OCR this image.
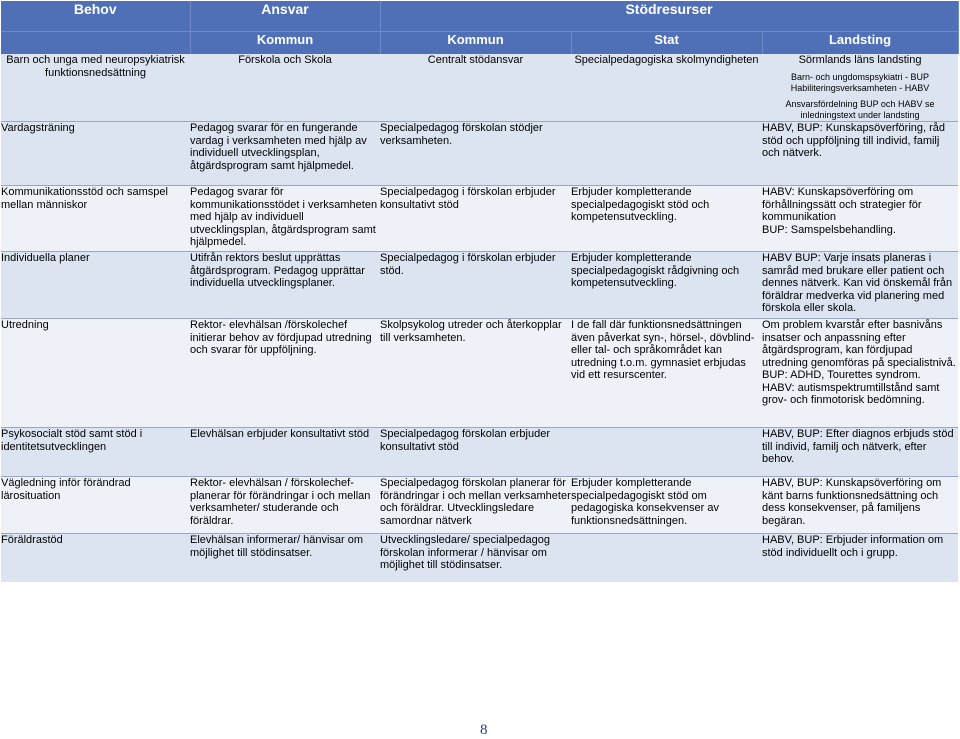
Behov	Ansvar	Stödresurser		
	Kommun	Kommun	Stat	Landsting
Barn och unga med neuropsykiatrisk funktionsnedsättning	Förskola och Skola	Centralt stödansvar	Specialpedagogiska skolmyndigheten	Sörmlands läns landsting
Barn- och ungdomspsykiatri - BUP Habiliteringsverksamheten - HABV
Ansvarsfördelning BUP och HABV se inledningstext under landsting

Vardagsträning	Pedagog svarar för en fungerande vardag i verksamheten med hjälp av individuell utvecklingsplan, åtgärdsprogram samt hjälpmedel.	Specialpedagog förskolan stödjer verksamheten.		HABV, BUP: Kunskapsöverföring, råd stöd och uppföljning till individ, familj och nätverk.
Kommunikationsstöd och samspel mellan människor	Pedagog svarar för kommunikationsstödet i verksamheten med hjälp av individuell utvecklingsplan, åtgärdsprogram samt hjälpmedel.	Specialpedagog i förskolan erbjuder konsultativt stöd	Erbjuder kompletterande specialpedagogiskt stöd och kompetensutveckling.	HABV: Kunskapsöverföring om förhållningssätt och strategier för kommunikation
BUP: Samspelsbehandling.
Individuella planer	Utifrån rektors beslut upprättas åtgärdsprogram. Pedagog upprättar individuella utvecklingsplaner.	Specialpedagog i förskolan erbjuder stöd.	Erbjuder kompletterande specialpedagogiskt rådgivning och kompetensutveckling.	HABV BUP: Varje insats planeras i samråd med brukare eller patient och dennes nätverk. Kan vid önskemål från föräldrar medverka vid planering med förskola eller skola.
Utredning	Rektor- elevhälsan /förskolechef initierar behov av fördjupad utredning och svarar för uppföljning.	Skolpsykolog utreder och återkopplar till verksamheten.	I de fall där funktionsnedsättningen även påverkat syn-, hörsel-, dövblind- eller tal- och språkområdet kan utredning t.o.m. gymnasiet erbjudas vid ett resurscenter.	Om problem kvarstår efter basnivåns insatser och anpassning efter åtgärdsprogram, kan fördjupad utredning genomföras på specialistnivå.
BUP: ADHD, Tourettes syndrom.
HABV: autismspektrumtillstånd samt grov- och finmotorisk bedömning.
Psykosocialt stöd samt stöd i identitetsutvecklingen	Elevhälsan erbjuder konsultativt stöd	Specialpedagog förskolan erbjuder konsultativt stöd		HABV, BUP: Efter diagnos erbjuds stöd till individ, familj och nätverk, efter behov.
Vägledning inför förändrad lärosituation	Rektor- elevhälsan / förskolechef- planerar för förändringar i och mellan verksamheter/ studerande och föräldrar.	Specialpedagog förskolan planerar för förändringar i och mellan verksamheter och föräldrar. Utvecklingsledare samordnar nätverk	Erbjuder kompletterande specialpedagogiskt stöd om pedagogiska konsekvenser av funktionsnedsättningen.	HABV, BUP: Kunskapsöverföring om känt barns funktionsnedsättning och dess konsekvenser, på familjens begäran.
Föräldrastöd	Elevhälsan informerar/ hänvisar om möjlighet till stödinsatser.	Utvecklingsledare/ specialpedagog förskolan informerar / hänvisar om möjlighet till stödinsatser.		HABV, BUP: Erbjuder information om stöd individuellt och i grupp.
8
